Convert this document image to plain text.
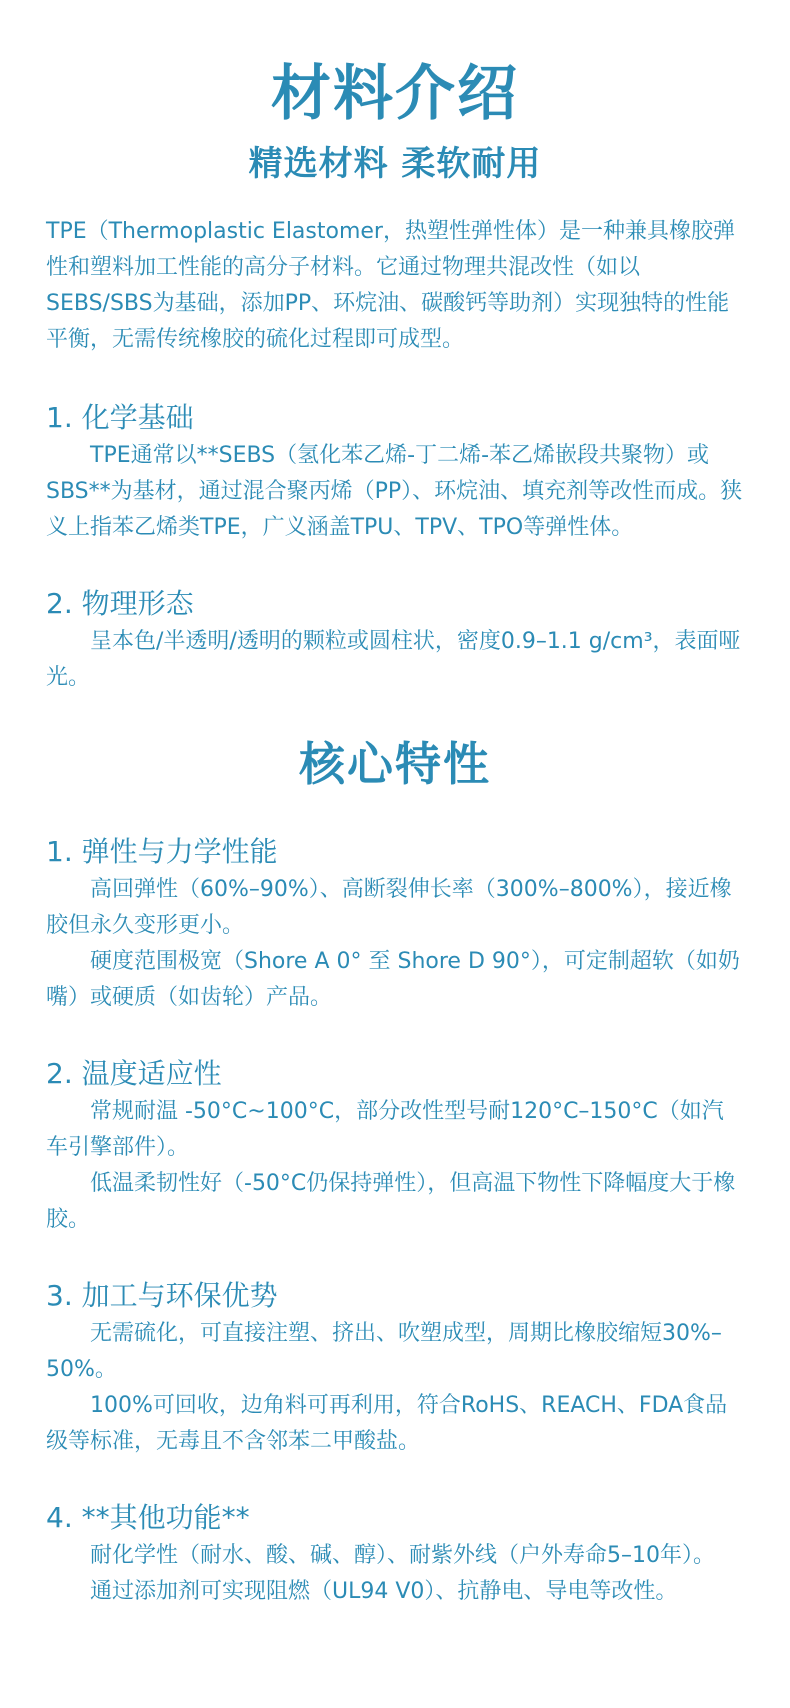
材料介绍
精选材料 柔软耐用

TPE（Thermoplastic Elastomer，热塑性弹性体）是一种兼具橡胶弹性和塑料加工性能的高分子材料。它通过物理共混改性（如以SEBS/SBS为基础，添加PP、环烷油、碳酸钙等助剂）实现独特的性能平衡，无需传统橡胶的硫化过程即可成型。

1. 化学基础

TPE通常以**SEBS（氢化苯乙烯-丁二烯-苯乙烯嵌段共聚物）或SBS**为基材，通过混合聚丙烯（PP）、环烷油、填充剂等改性而成。狭义上指苯乙烯类TPE，广义涵盖TPU、TPV、TPO等弹性体。

2. 物理形态

呈本色/半透明/透明的颗粒或圆柱状，密度0.9–1.1 g/cm³，表面哑光。

核心特性
1. 弹性与力学性能

高回弹性（60%–90%）、高断裂伸长率（300%–800%），接近橡胶但永久变形更小。

硬度范围极宽（Shore A 0° 至 Shore D 90°），可定制超软（如奶嘴）或硬质（如齿轮）产品。

2. 温度适应性

常规耐温 -50°C~100°C，部分改性型号耐120°C–150°C（如汽车引擎部件）。

低温柔韧性好（-50°C仍保持弹性），但高温下物性下降幅度大于橡胶。

3. 加工与环保优势

无需硫化，可直接注塑、挤出、吹塑成型，周期比橡胶缩短30%–50%。

100%可回收，边角料可再利用，符合RoHS、REACH、FDA食品级等标准，无毒且不含邻苯二甲酸盐。

4. **其他功能**

耐化学性（耐水、酸、碱、醇）、耐紫外线（户外寿命5–10年）。

通过添加剂可实现阻燃（UL94 V0）、抗静电、导电等改性。
